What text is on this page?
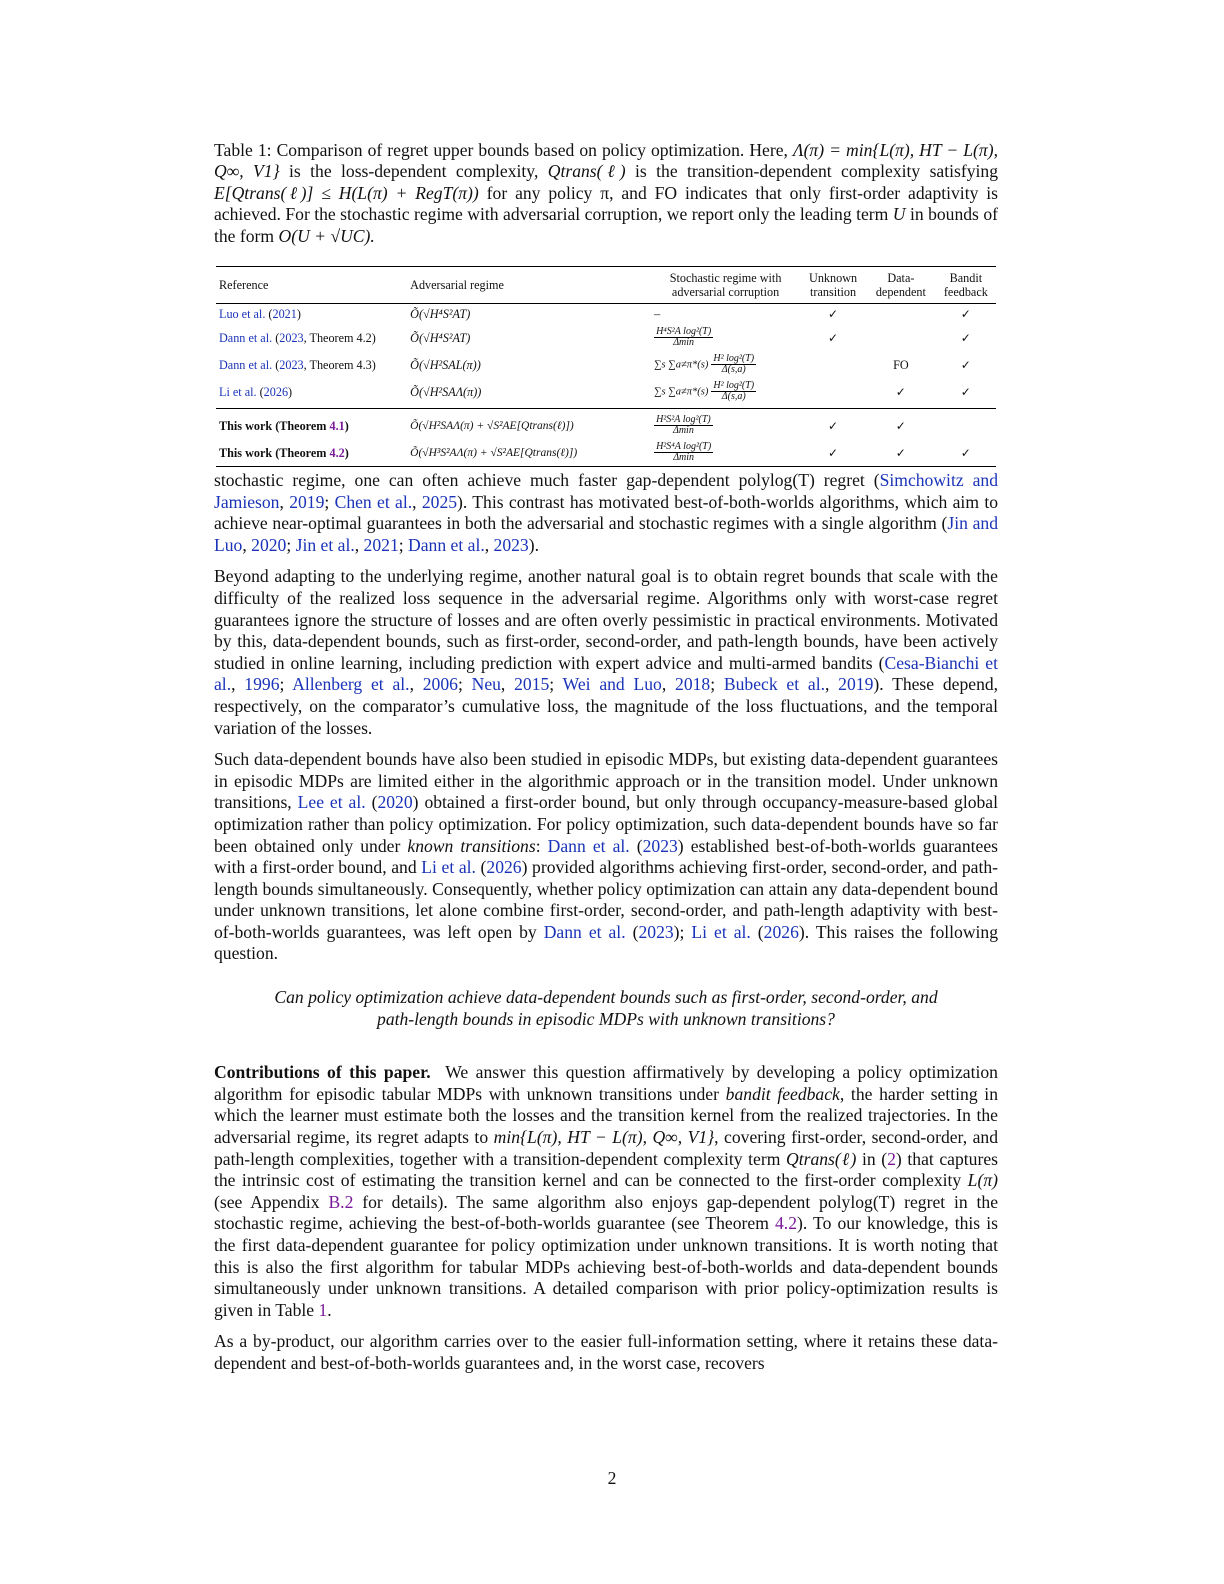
Table 1: Comparison of regret upper bounds based on policy optimization. Here, Λ(π) = min{L(π), HT − L(π), Q∞, V1} is the loss-dependent complexity, Qtrans(ℓ) is the transition-dependent complexity satisfying E[Qtrans(ℓ)] ≤ H(L(π) + RegT(π)) for any policy π, and FO indicates that only first-order adaptivity is achieved. For the stochastic regime with adversarial corruption, we report only the leading term U in bounds of the form O(U + √UC).
Reference	Adversarial regime	Stochastic regime with adversarial corruption	Unknown transition	Data-dependent	Bandit feedback
Luo et al. (2021)	Õ(√H⁴S²AT)	–	✓		✓
Dann et al. (2023, Theorem 4.2)	Õ(√H⁴S²AT)	$\frac{\text{H⁴S²A log²(T)}}{\Delta\min}$	✓		✓
Dann et al. (2023, Theorem 4.3)	Õ(√H²SAL(π))	∑s $\sum a\ne\pi*(s) \frac{\text{H² log²(T)}}{\Delta(s,a)}$		FO	✓
Li et al. (2026)	Õ(√H²SAΛ(π))	∑s $\sum a\ne\pi*(s) \frac{\text{H² log²(T)}}{\Delta(s,a)}$		✓	✓
This work (Theorem 4.1)	Õ(√H²SAΛ(π) + √S²AE[Qtrans(ℓ)])	$\frac{\text{H²S²A log²(T)}}{\Delta\min}$	✓	✓	
This work (Theorem 4.2)	Õ(√H³S²AΛ(π) + √S²AE[Qtrans(ℓ)])	$\frac{\text{H²S⁴A log²(T)}}{\Delta\min}$	✓	✓	✓

stochastic regime, one can often achieve much faster gap-dependent polylog(T) regret (Simchowitz and Jamieson, 2019; Chen et al., 2025). This contrast has motivated best-of-both-worlds algorithms, which aim to achieve near-optimal guarantees in both the adversarial and stochastic regimes with a single algorithm (Jin and Luo, 2020; Jin et al., 2021; Dann et al., 2023).

Beyond adapting to the underlying regime, another natural goal is to obtain regret bounds that scale with the difficulty of the realized loss sequence in the adversarial regime. Algorithms only with worst-case regret guarantees ignore the structure of losses and are often overly pessimistic in practical environments. Motivated by this, data-dependent bounds, such as first-order, second-order, and path-length bounds, have been actively studied in online learning, including prediction with expert advice and multi-armed bandits (Cesa-Bianchi et al., 1996; Allenberg et al., 2006; Neu, 2015; Wei and Luo, 2018; Bubeck et al., 2019). These depend, respectively, on the comparator’s cumulative loss, the magnitude of the loss fluctuations, and the temporal variation of the losses.

Such data-dependent bounds have also been studied in episodic MDPs, but existing data-dependent guarantees in episodic MDPs are limited either in the algorithmic approach or in the transition model. Under unknown transitions, Lee et al. (2020) obtained a first-order bound, but only through occupancy-measure-based global optimization rather than policy optimization. For policy optimization, such data-dependent bounds have so far been obtained only under known transitions: Dann et al. (2023) established best-of-both-worlds guarantees with a first-order bound, and Li et al. (2026) provided algorithms achieving first-order, second-order, and path-length bounds simultaneously. Consequently, whether policy optimization can attain any data-dependent bound under unknown transitions, let alone combine first-order, second-order, and path-length adaptivity with best-of-both-worlds guarantees, was left open by Dann et al. (2023); Li et al. (2026). This raises the following question.

Can policy optimization achieve data-dependent bounds such as first-order, second-order, and
path-length bounds in episodic MDPs with unknown transitions?

Contributions of this paper. We answer this question affirmatively by developing a policy optimization algorithm for episodic tabular MDPs with unknown transitions under bandit feedback, the harder setting in which the learner must estimate both the losses and the transition kernel from the realized trajectories. In the adversarial regime, its regret adapts to min{L(π), HT − L(π), Q∞, V1}, covering first-order, second-order, and path-length complexities, together with a transition-dependent complexity term Qtrans(ℓ) in (2) that captures the intrinsic cost of estimating the transition kernel and can be connected to the first-order complexity L(π) (see Appendix B.2 for details). The same algorithm also enjoys gap-dependent polylog(T) regret in the stochastic regime, achieving the best-of-both-worlds guarantee (see Theorem 4.2). To our knowledge, this is the first data-dependent guarantee for policy optimization under unknown transitions. It is worth noting that this is also the first algorithm for tabular MDPs achieving best-of-both-worlds and data-dependent bounds simultaneously under unknown transitions. A detailed comparison with prior policy-optimization results is given in Table 1.

As a by-product, our algorithm carries over to the easier full-information setting, where it retains these data-dependent and best-of-both-worlds guarantees and, in the worst case, recovers

2
